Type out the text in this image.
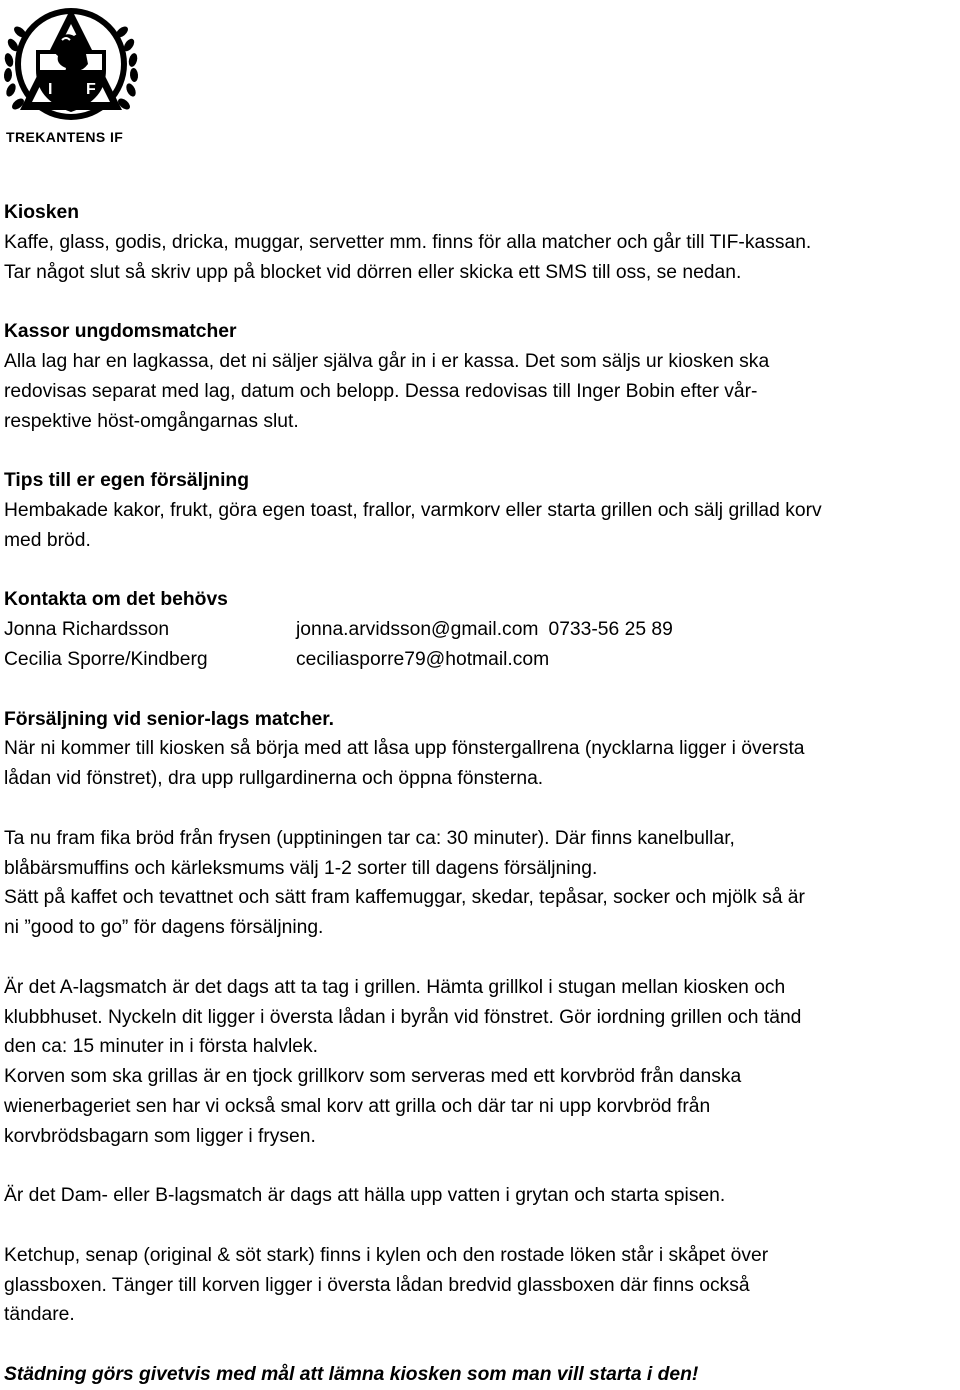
I F
TREKANTENS IF

Kiosken

Kaffe, glass, godis, dricka, muggar, servetter mm. finns för alla matcher och går till TIF-kassan.

Tar något slut så skriv upp på blocket vid dörren eller skicka ett SMS till oss, se nedan.

Kassor ungdomsmatcher

Alla lag har en lagkassa, det ni säljer själva går in i er kassa. Det som säljs ur kiosken ska

redovisas separat med lag, datum och belopp. Dessa redovisas till Inger Bobin efter vår-

respektive höst-omgångarnas slut.

Tips till er egen försäljning

Hembakade kakor, frukt, göra egen toast, frallor, varmkorv eller starta grillen och sälj grillad korv

med bröd.

Kontakta om det behövs

Jonna Richardsson	jonna.arvidsson@gmail.com 0733-56 25 89
Cecilia Sporre/Kindberg	ceciliasporre79@hotmail.com

Försäljning vid senior-lags matcher.

När ni kommer till kiosken så börja med att låsa upp fönstergallrena (nycklarna ligger i översta

lådan vid fönstret), dra upp rullgardinerna och öppna fönsterna.

Ta nu fram fika bröd från frysen (upptiningen tar ca: 30 minuter). Där finns kanelbullar,

blåbärsmuffins och kärleksmums välj 1-2 sorter till dagens försäljning.

Sätt på kaffet och tevattnet och sätt fram kaffemuggar, skedar, tepåsar, socker och mjölk så är

ni ”good to go” för dagens försäljning.

Är det A-lagsmatch är det dags att ta tag i grillen. Hämta grillkol i stugan mellan kiosken och

klubbhuset. Nyckeln dit ligger i översta lådan i byrån vid fönstret. Gör iordning grillen och tänd

den ca: 15 minuter in i första halvlek.

Korven som ska grillas är en tjock grillkorv som serveras med ett korvbröd från danska

wienerbageriet sen har vi också smal korv att grilla och där tar ni upp korvbröd från

korvbrödsbagarn som ligger i frysen.

Är det Dam- eller B-lagsmatch är dags att hälla upp vatten i grytan och starta spisen.

Ketchup, senap (original & söt stark) finns i kylen och den rostade löken står i skåpet över

glassboxen. Tänger till korven ligger i översta lådan bredvid glassboxen där finns också

tändare.

Städning görs givetvis med mål att lämna kiosken som man vill starta i den!
